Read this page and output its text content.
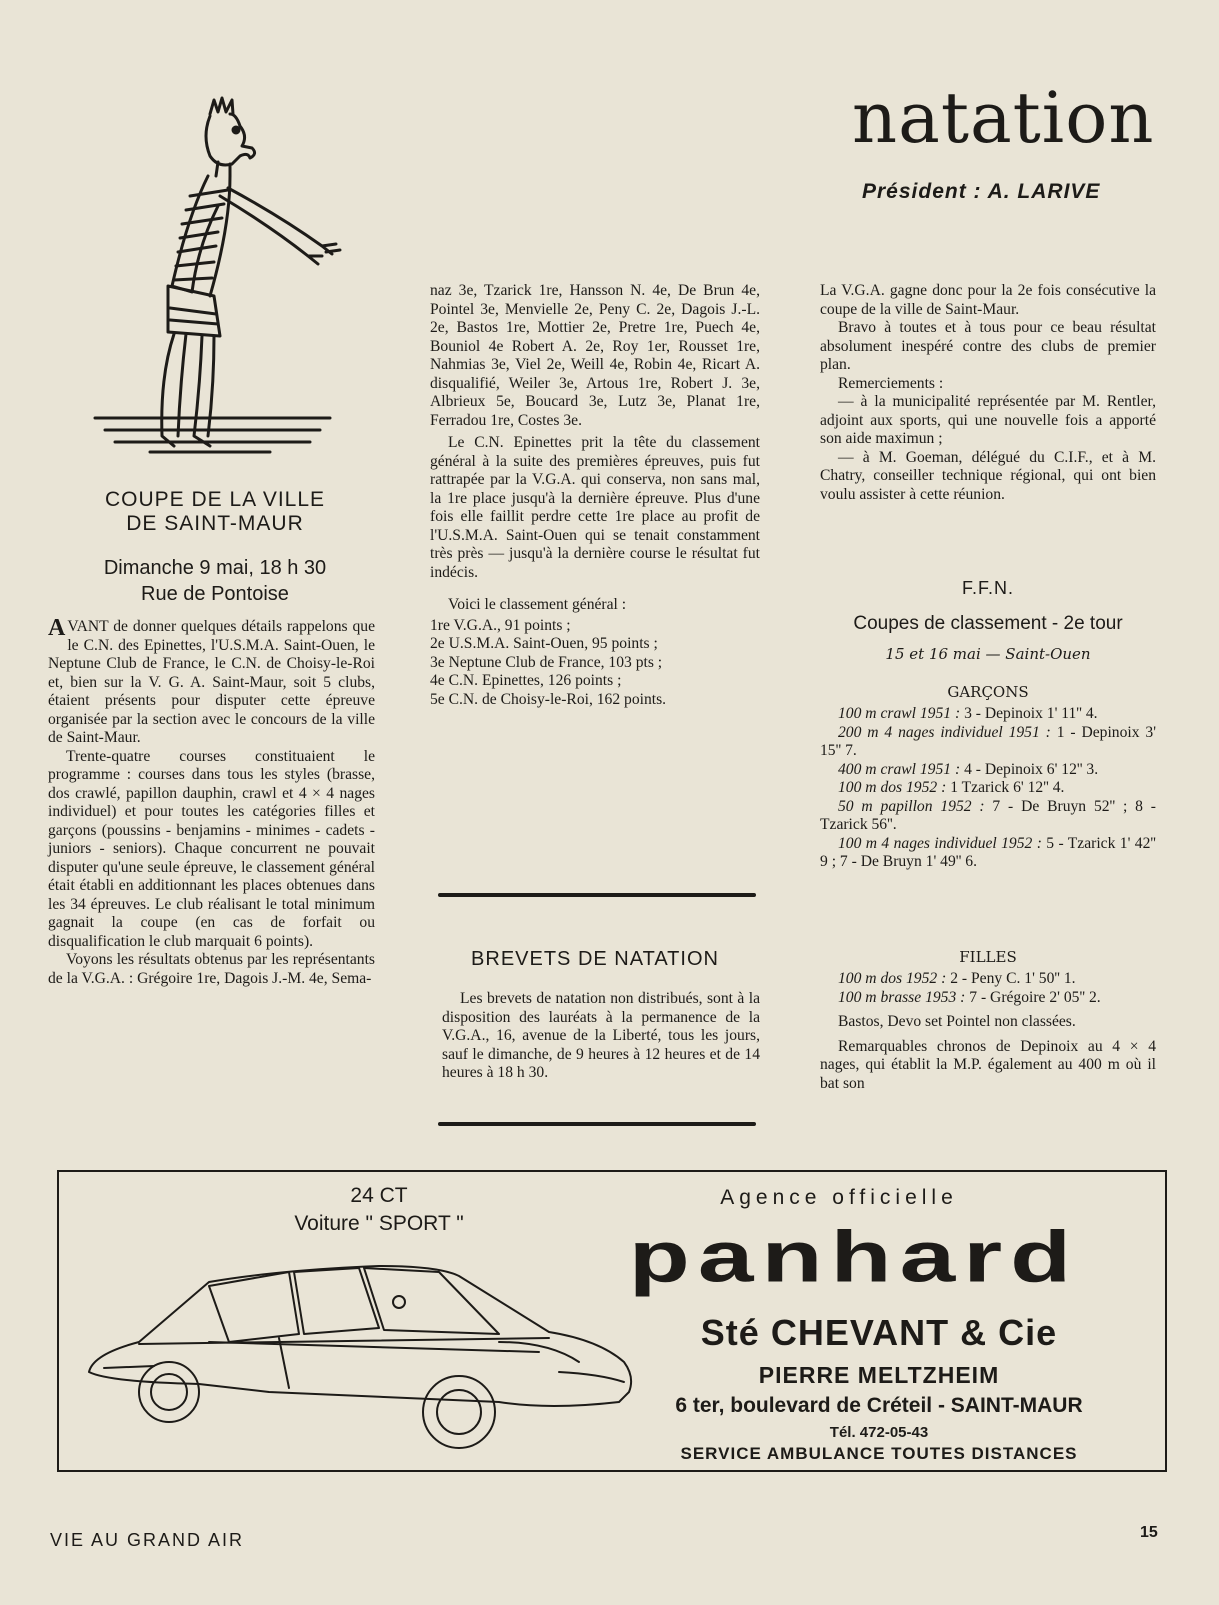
natation
Président : A. LARIVE
COUPE DE LA VILLE
DE SAINT-MAUR
Dimanche 9 mai, 18 h 30
Rue de Pontoise

AVANT de donner quelques détails rappelons que le C.N. des Epinettes, l'U.S.M.A. Saint-Ouen, le Neptune Club de France, le C.N. de Choisy-le-Roi et, bien sur la V. G. A. Saint-Maur, soit 5 clubs, étaient présents pour disputer cette épreuve organisée par la section avec le concours de la ville de Saint-Maur.

Trente-quatre courses constituaient le programme : courses dans tous les styles (brasse, dos crawlé, papillon dauphin, crawl et 4 × 4 nages individuel) et pour toutes les catégories filles et garçons (poussins - benjamins - minimes - cadets - juniors - seniors). Chaque concurrent ne pouvait disputer qu'une seule épreuve, le classement général était établi en additionnant les places obtenues dans les 34 épreuves. Le club réalisant le total minimum gagnait la coupe (en cas de forfait ou disqualification le club marquait 6 points).

Voyons les résultats obtenus par les représentants de la V.G.A. : Grégoire 1re, Dagois J.-M. 4e, Sema-

naz 3e, Tzarick 1re, Hansson N. 4e, De Brun 4e, Pointel 3e, Menvielle 2e, Peny C. 2e, Dagois J.-L. 2e, Bastos 1re, Mottier 2e, Pretre 1re, Puech 4e, Bouniol 4e Robert A. 2e, Roy 1er, Rousset 1re, Nahmias 3e, Viel 2e, Weill 4e, Robin 4e, Ricart A. disqualifié, Weiler 3e, Artous 1re, Robert J. 3e, Albrieux 5e, Boucard 3e, Lutz 3e, Planat 1re, Ferradou 1re, Costes 3e.

Le C.N. Epinettes prit la tête du classement général à la suite des premières épreuves, puis fut rattrapée par la V.G.A. qui conserva, non sans mal, la 1re place jusqu'à la dernière épreuve. Plus d'une fois elle faillit perdre cette 1re place au profit de l'U.S.M.A. Saint-Ouen qui se tenait constamment très près — jusqu'à la dernière course le résultat fut indécis.

Voici le classement général :

1re V.G.A., 91 points ;

2e U.S.M.A. Saint-Ouen, 95 points ;

3e Neptune Club de France, 103 pts ;

4e C.N. Epinettes, 126 points ;

5e C.N. de Choisy-le-Roi, 162 points.

BREVETS DE NATATION

Les brevets de natation non distribués, sont à la disposition des lauréats à la permanence de la V.G.A., 16, avenue de la Liberté, tous les jours, sauf le dimanche, de 9 heures à 12 heures et de 14 heures à 18 h 30.

La V.G.A. gagne donc pour la 2e fois consécutive la coupe de la ville de Saint-Maur.

Bravo à toutes et à tous pour ce beau résultat absolument inespéré contre des clubs de premier plan.

Remerciements :

— à la municipalité représentée par M. Rentler, adjoint aux sports, qui une nouvelle fois a apporté son aide maximun ;

— à M. Goeman, délégué du C.I.F., et à M. Chatry, conseiller technique régional, qui ont bien voulu assister à cette réunion.

F.F.N.
Coupes de classement - 2e tour
15 et 16 mai — Saint-Ouen
GARÇONS

100 m crawl 1951 : 3 - Depinoix 1' 11'' 4.

200 m 4 nages individuel 1951 : 1 - Depinoix 3' 15'' 7.

400 m crawl 1951 : 4 - Depinoix 6' 12'' 3.

100 m dos 1952 : 1 Tzarick 6' 12'' 4.

50 m papillon 1952 : 7 - De Bruyn 52'' ; 8 - Tzarick 56''.

100 m 4 nages individuel 1952 : 5 - Tzarick 1' 42'' 9 ; 7 - De Bruyn 1' 49'' 6.

FILLES

100 m dos 1952 : 2 - Peny C. 1' 50'' 1.

100 m brasse 1953 : 7 - Grégoire 2' 05'' 2.

Bastos, Devo set Pointel non classées.

Remarquables chronos de Depinoix au 4 × 4 nages, qui établit la M.P. également au 400 m où il bat son

24 CT
Voiture " SPORT "
Agence officielle
panhard
Sté CHEVANT & Cie
PIERRE MELTZHEIM
6 ter, boulevard de Créteil - SAINT-MAUR
Tél. 472-05-43
SERVICE AMBULANCE TOUTES DISTANCES
VIE AU GRAND AIR	15
